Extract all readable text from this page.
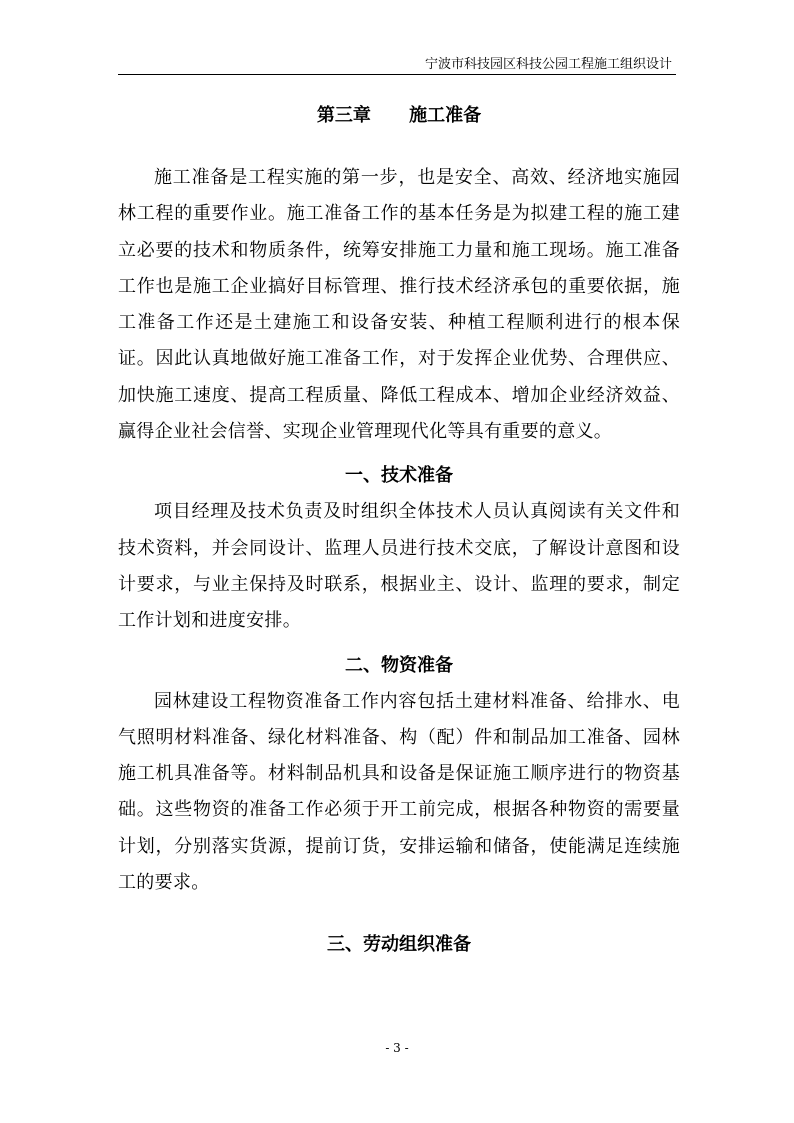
宁波市科技园区科技公园工程施工组织设计
第三章　 施工准备

施工准备是工程实施的第一步，也是安全、高效、经济地实施园林工程的重要作业。施工准备工作的基本任务是为拟建工程的施工建立必要的技术和物质条件，统筹安排施工力量和施工现场。施工准备工作也是施工企业搞好目标管理、推行技术经济承包的重要依据，施工准备工作还是土建施工和设备安装、种植工程顺利进行的根本保证。因此认真地做好施工准备工作，对于发挥企业优势、合理供应、加快施工速度、提高工程质量、降低工程成本、增加企业经济效益、赢得企业社会信誉、实现企业管理现代化等具有重要的意义。

一、技术准备

项目经理及技术负责及时组织全体技术人员认真阅读有关文件和技术资料，并会同设计、监理人员进行技术交底，了解设计意图和设计要求，与业主保持及时联系，根据业主、设计、监理的要求，制定工作计划和进度安排。

二、物资准备

园林建设工程物资准备工作内容包括土建材料准备、给排水、电气照明材料准备、绿化材料准备、构（配）件和制品加工准备、园林施工机具准备等。材料制品机具和设备是保证施工顺序进行的物资基础。这些物资的准备工作必须于开工前完成，根据各种物资的需要量计划，分别落实货源，提前订货，安排运输和储备，使能满足连续施工的要求。

三、劳动组织准备
- 3 -
